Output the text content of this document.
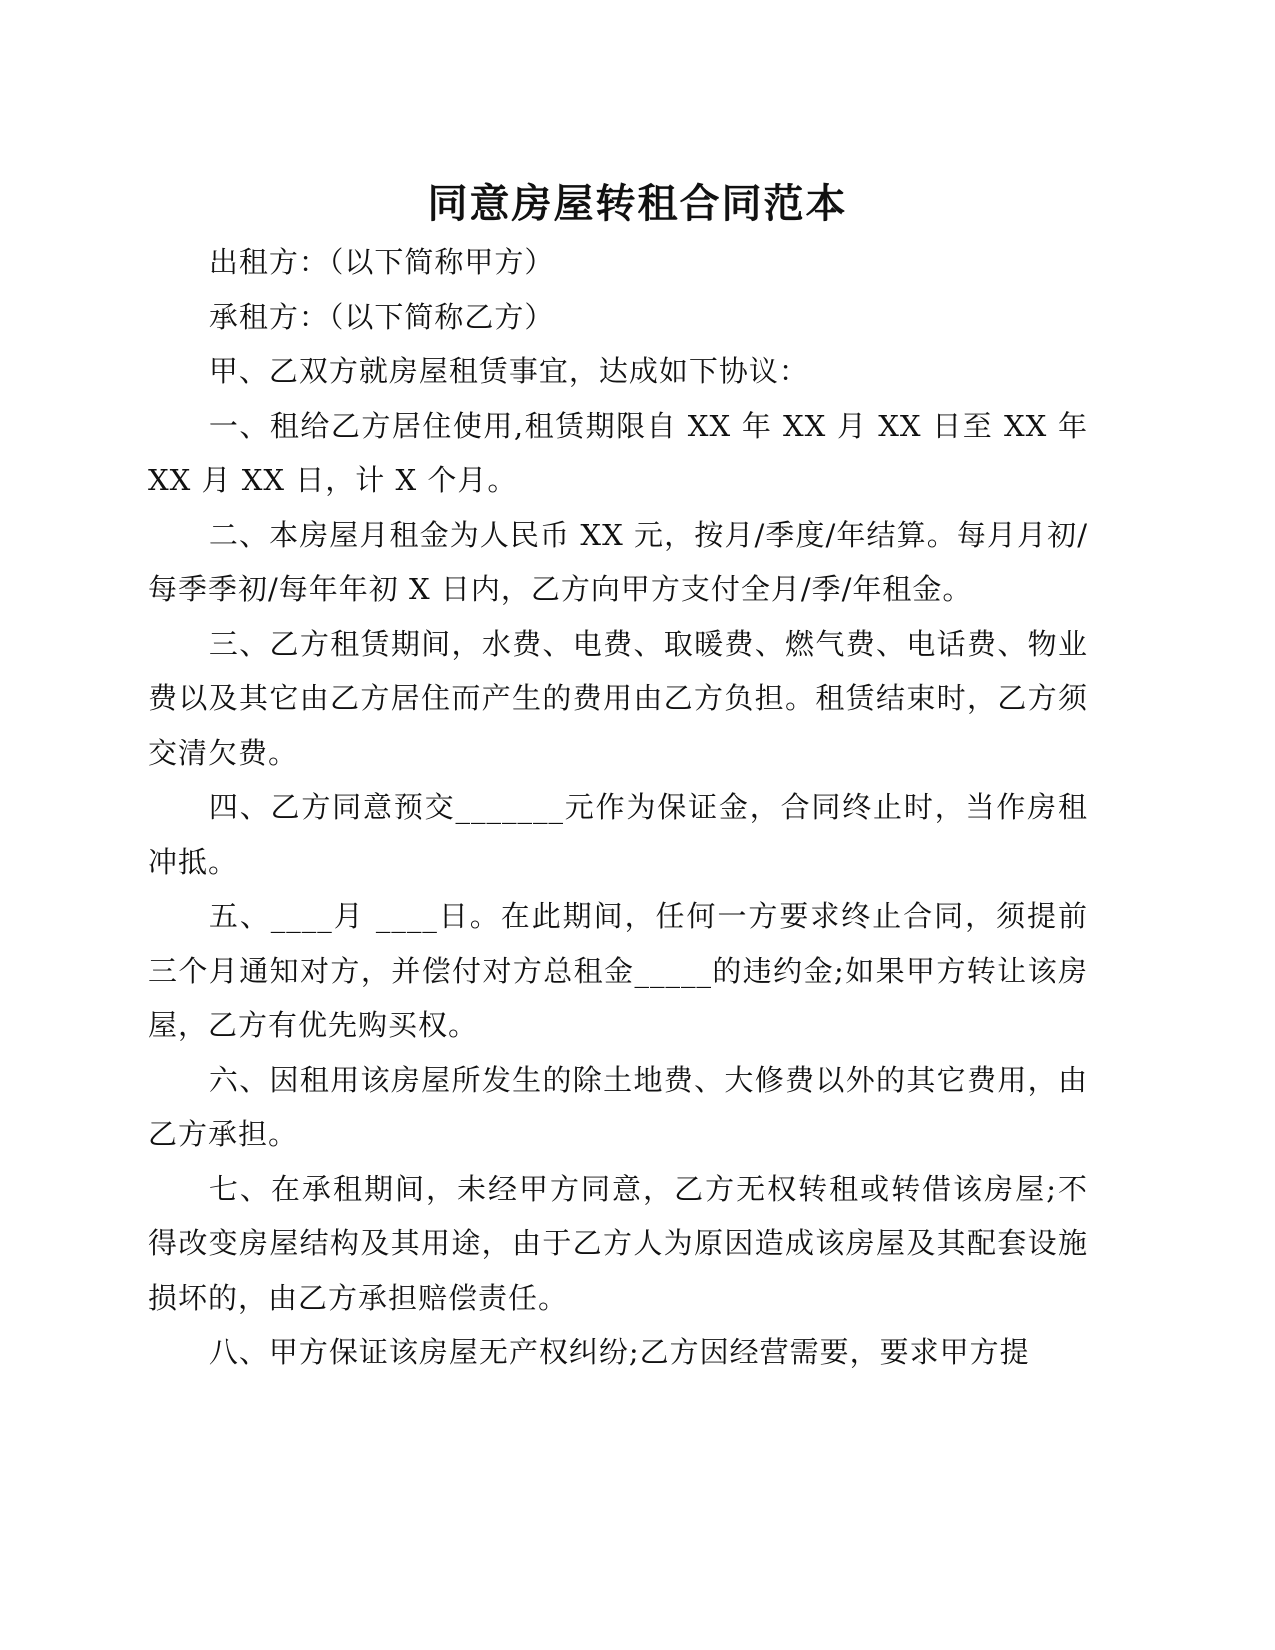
同意房屋转租合同范本

出租方：（以下简称甲方）

承租方：（以下简称乙方）

甲、乙双方就房屋租赁事宜，达成如下协议：

一、租给乙方居住使用,租赁期限自 XX 年 XX 月 XX 日至 XX 年 XX 月 XX 日，计 X 个月。

二、本房屋月租金为人民币 XX 元，按月/季度/年结算。每月月初/每季季初/每年年初 X 日内，乙方向甲方支付全月/季/年租金。

三、乙方租赁期间，水费、电费、取暖费、燃气费、电话费、物业费以及其它由乙方居住而产生的费用由乙方负担。租赁结束时，乙方须交清欠费。

四、乙方同意预交_______元作为保证金，合同终止时，当作房租冲抵。

五、____月 ____日。在此期间，任何一方要求终止合同，须提前三个月通知对方，并偿付对方总租金_____的违约金;如果甲方转让该房屋，乙方有优先购买权。

六、因租用该房屋所发生的除土地费、大修费以外的其它费用，由乙方承担。

七、在承租期间，未经甲方同意，乙方无权转租或转借该房屋;不得改变房屋结构及其用途，由于乙方人为原因造成该房屋及其配套设施损坏的，由乙方承担赔偿责任。

八、甲方保证该房屋无产权纠纷;乙方因经营需要，要求甲方提
